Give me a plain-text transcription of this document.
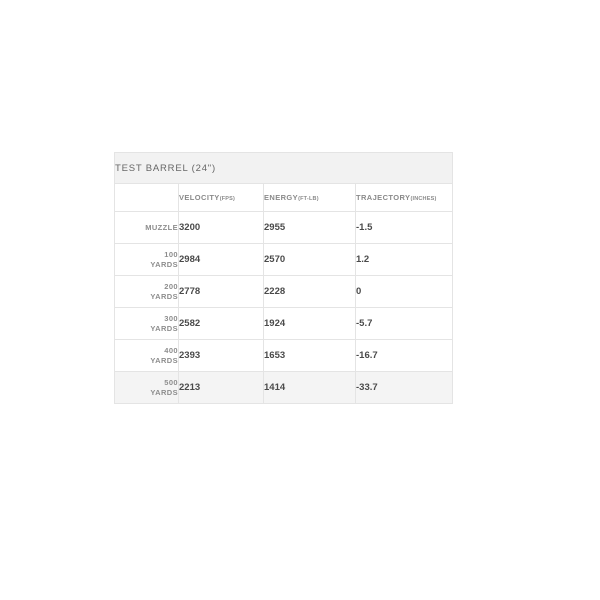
TEST BARREL (24")			
	VELOCITY(FPS)	ENERGY(FT-LB)	TRAJECTORY(INCHES)
MUZZLE	3200	2955	-1.5

100
YARDS	2984	2570	1.2

200
YARDS	2778	2228	0

300
YARDS	2582	1924	-5.7

400
YARDS	2393	1653	-16.7

500
YARDS	2213	1414	-33.7
